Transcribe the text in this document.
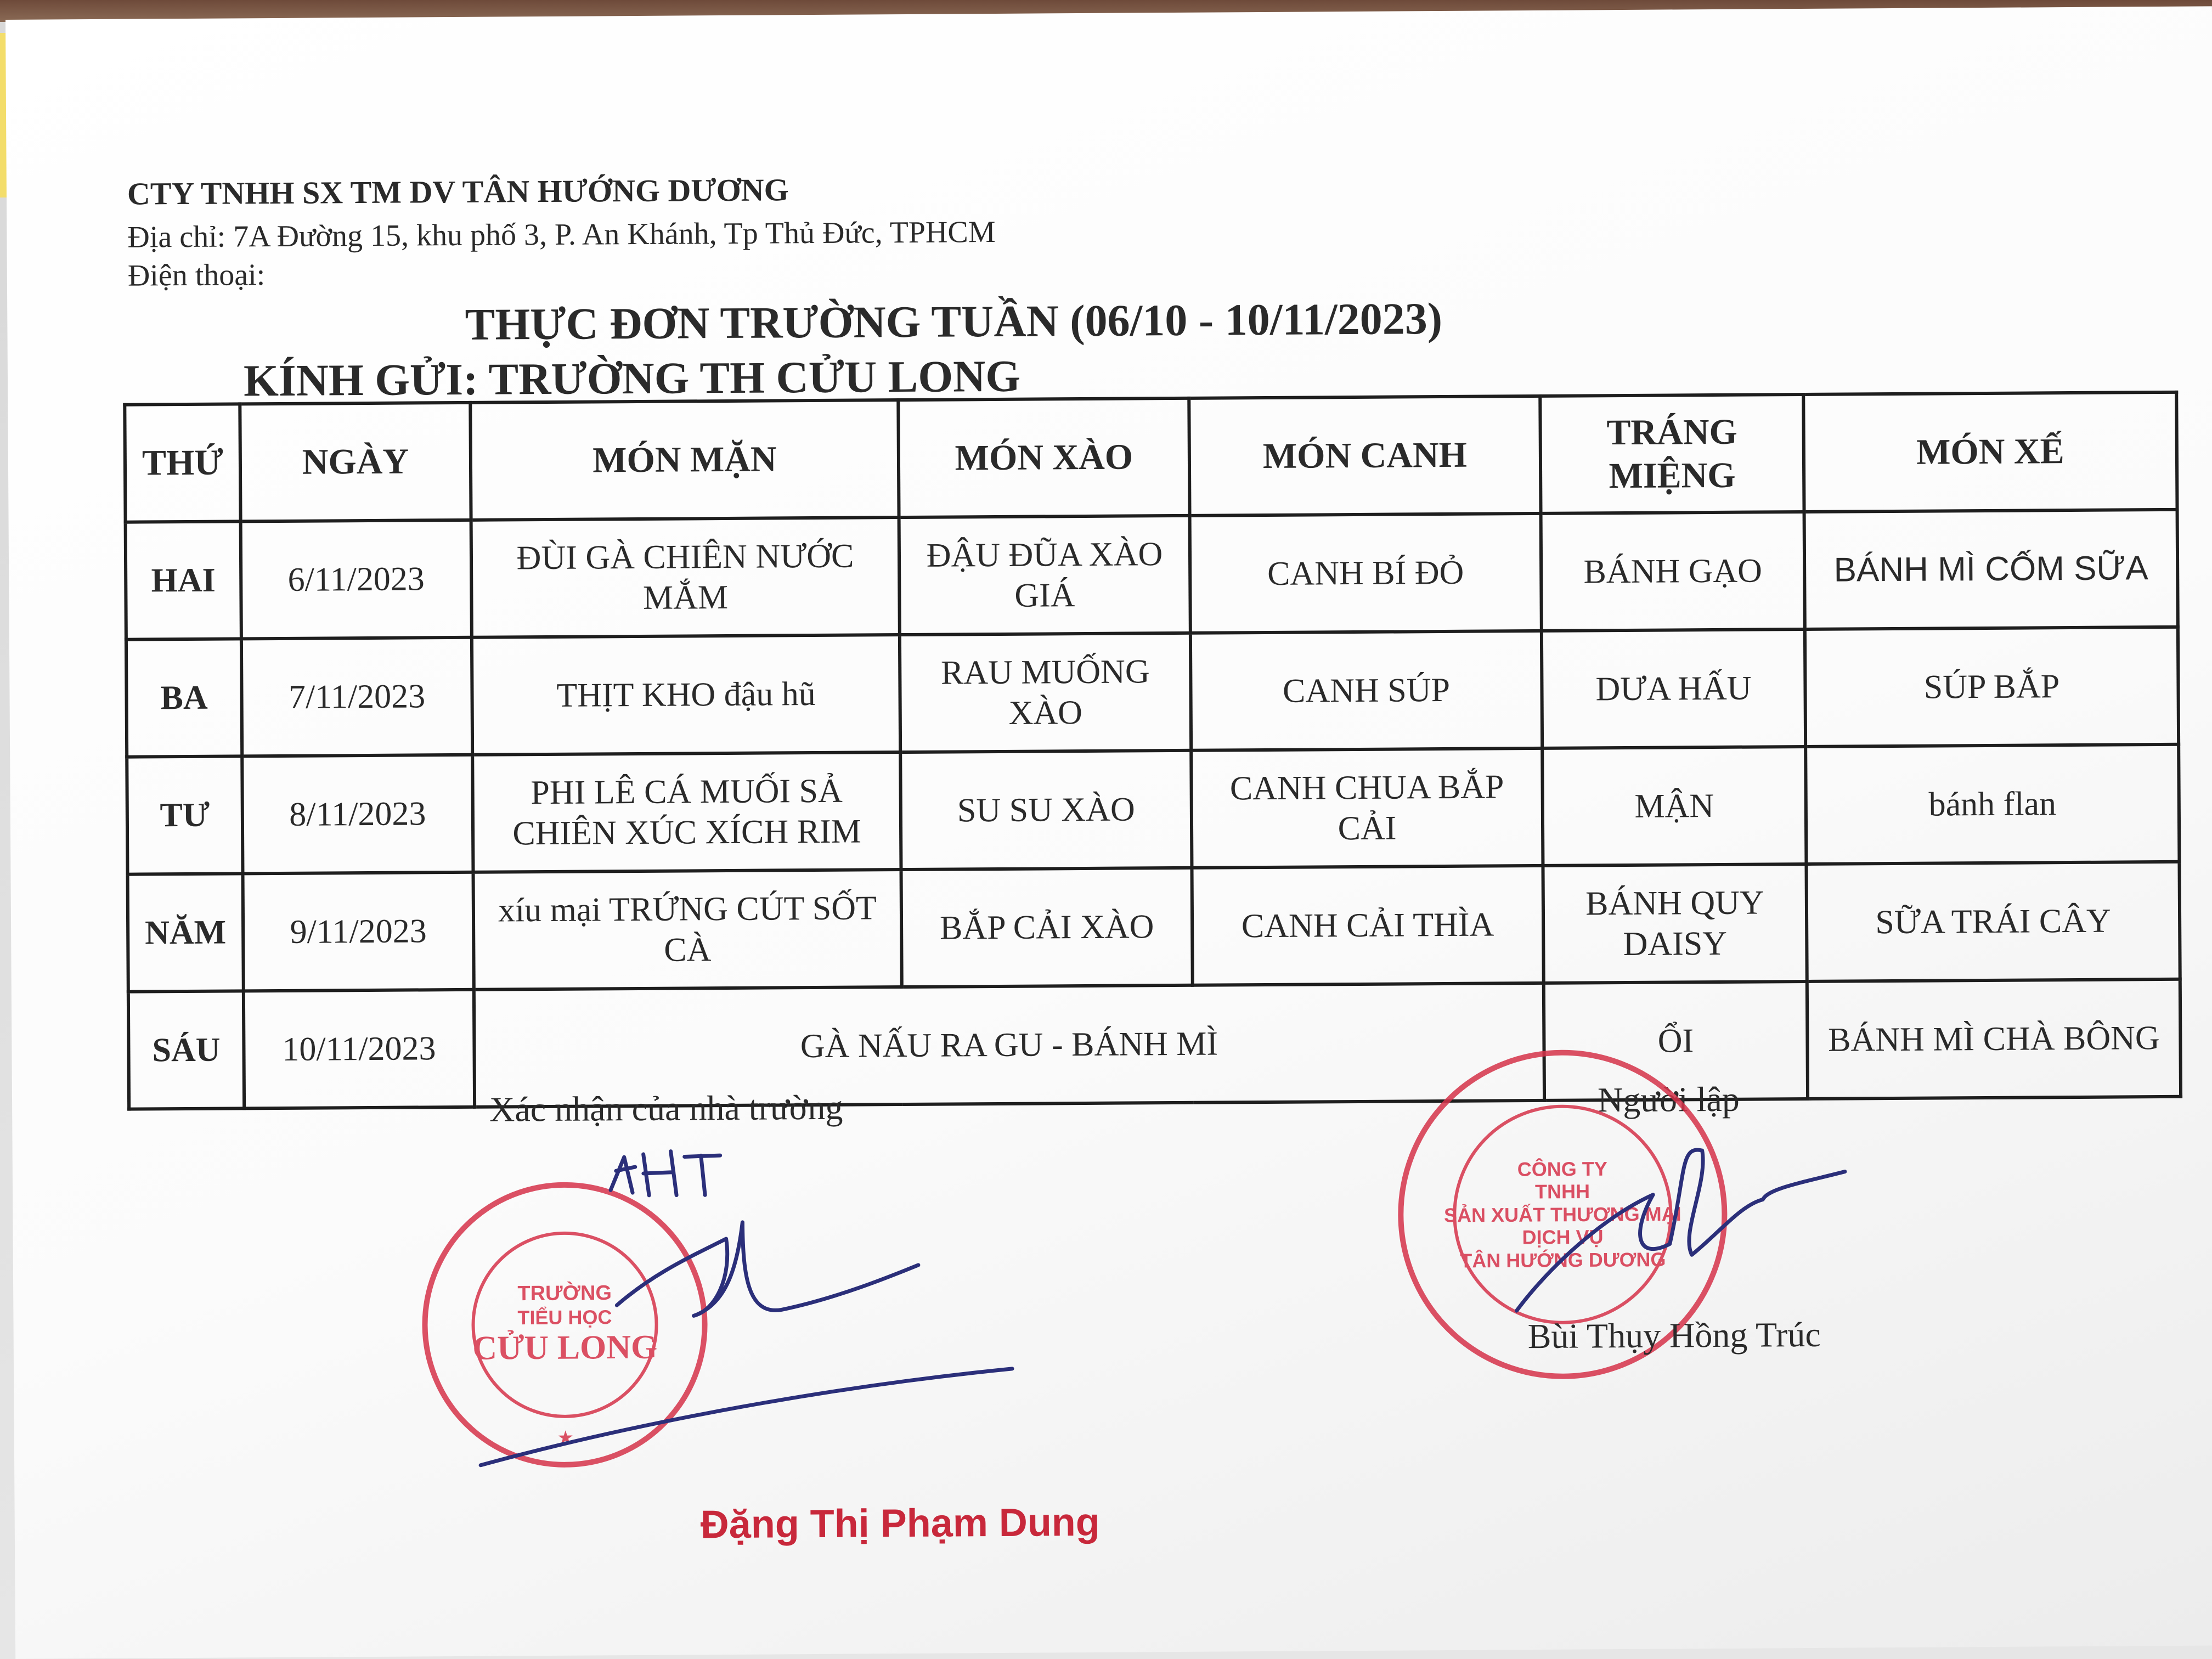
CTY TNHH SX TM DV TÂN HƯỚNG DƯƠNG
Địa chỉ: 7A Đường 15, khu phố 3, P. An Khánh, Tp Thủ Đức, TPHCM
Điện thoại:
THỰC ĐƠN TRƯỜNG TUẦN (06/10 - 10/11/2023)
KÍNH GỬI: TRƯỜNG TH CỬU LONG
THỨ	NGÀY	MÓN MẶN	MÓN XÀO	MÓN CANH	TRÁNG MIỆNG	MÓN XẾ
HAI	6/11/2023	ĐÙI GÀ CHIÊN NƯỚC MẮM	ĐẬU ĐŨA XÀO GIÁ	CANH BÍ ĐỎ	BÁNH GẠO	BÁNH MÌ CỐM SỮA
BA	7/11/2023	THỊT KHO đậu hũ	RAU MUỐNG XÀO	CANH SÚP	DƯA HẤU	SÚP BẮP
TƯ	8/11/2023	PHI LÊ CÁ MUỐI SẢ CHIÊN XÚC XÍCH RIM	SU SU XÀO	CANH CHUA BẮP CẢI	MẬN	bánh flan
NĂM	9/11/2023	xíu mại TRỨNG CÚT SỐT CÀ	BẮP CẢI XÀO	CANH CẢI THÌA	BÁNH QUY DAISY	SỮA TRÁI CÂY
SÁU	10/11/2023	GÀ NẤU RA GU - BÁNH MÌ			ỔI	BÁNH MÌ CHÀ BÔNG
Xác nhận của nhà trường	Người lập
TRƯỜNG
TIỂU HỌC
CỬU LONG
★
CÔNG TY
TNHH
SẢN XUẤT THƯƠNG MẠI
DỊCH VỤ
TÂN HƯỚNG DƯƠNG
Bùi Thụy Hồng Trúc
Đặng Thị Phạm Dung
